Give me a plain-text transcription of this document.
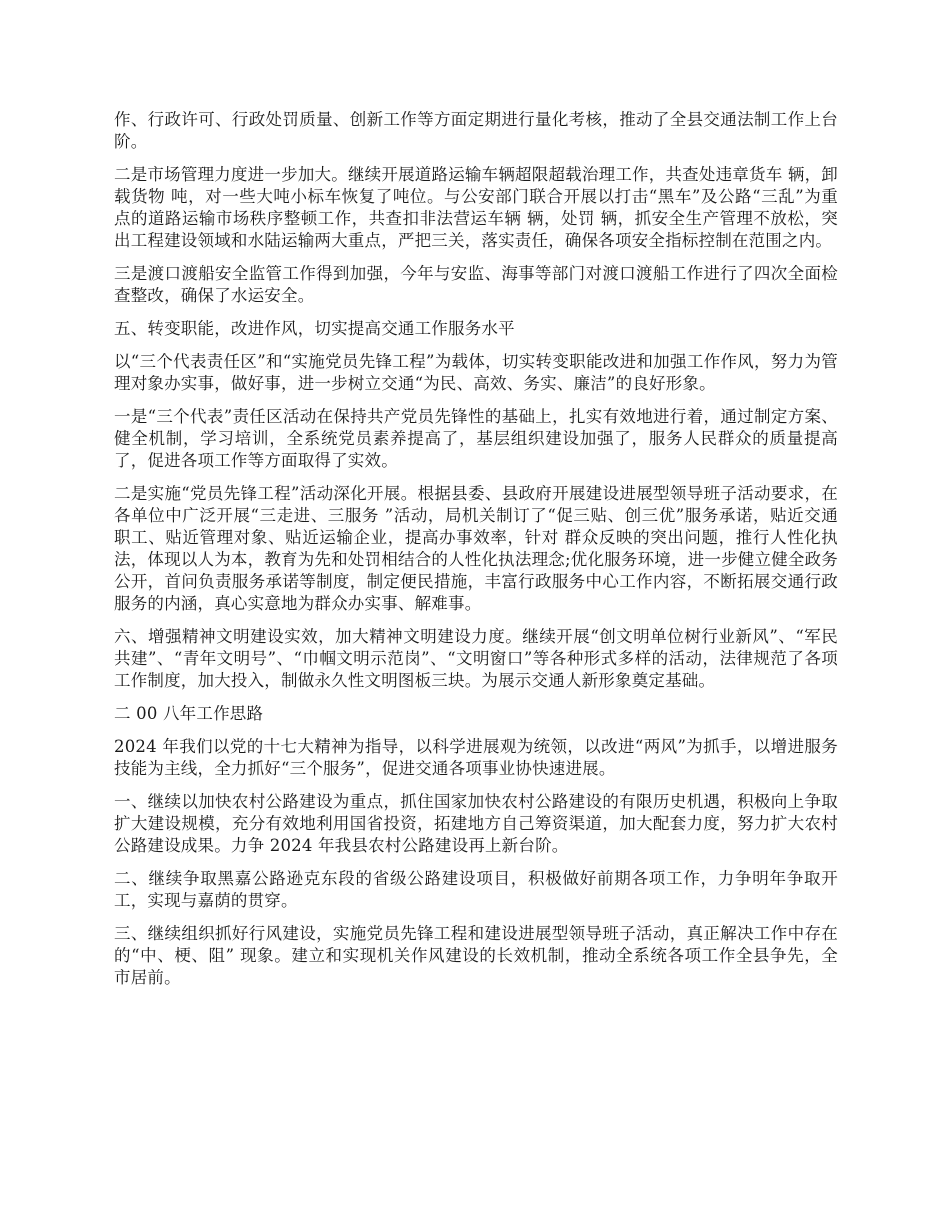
作、行政许可、行政处罚质量、创新工作等方面定期进行量化考核，推动了全县交通法制工作上台阶。

二是市场管理力度进一步加大。继续开展道路运输车辆超限超载治理工作，共查处违章货车 辆，卸载货物 吨，对一些大吨小标车恢复了吨位。与公安部门联合开展以打击“黑车”及公路“三乱”为重点的道路运输市场秩序整顿工作，共查扣非法营运车辆 辆，处罚 辆，抓安全生产管理不放松，突出工程建设领域和水陆运输两大重点，严把三关，落实责任，确保各项安全指标控制在范围之内。

三是渡口渡船安全监管工作得到加强，今年与安监、海事等部门对渡口渡船工作进行了四次全面检查整改，确保了水运安全。

五、转变职能，改进作风，切实提高交通工作服务水平

以“三个代表责任区”和“实施党员先锋工程”为载体，切实转变职能改进和加强工作作风，努力为管理对象办实事，做好事，进一步树立交通“为民、高效、务实、廉洁”的良好形象。

一是“三个代表”责任区活动在保持共产党员先锋性的基础上，扎实有效地进行着，通过制定方案、健全机制，学习培训，全系统党员素养提高了，基层组织建设加强了，服务人民群众的质量提高了，促进各项工作等方面取得了实效。

二是实施“党员先锋工程”活动深化开展。根据县委、县政府开展建设进展型领导班子活动要求，在各单位中广泛开展“三走进、三服务 ”活动，局机关制订了“促三贴、创三优”服务承诺，贴近交通职工、贴近管理对象、贴近运输企业，提高办事效率，针对 群众反映的突出问题，推行人性化执法，体现以人为本，教育为先和处罚相结合的人性化执法理念;优化服务环境，进一步健立健全政务公开，首问负责服务承诺等制度，制定便民措施，丰富行政服务中心工作内容，不断拓展交通行政服务的内涵，真心实意地为群众办实事、解难事。

六、增强精神文明建设实效，加大精神文明建设力度。继续开展“创文明单位树行业新风”、“军民共建”、“青年文明号”、“巾帼文明示范岗”、“文明窗口”等各种形式多样的活动，法律规范了各项工作制度，加大投入，制做永久性文明图板三块。为展示交通人新形象奠定基础。

二 00 八年工作思路

2024 年我们以党的十七大精神为指导，以科学进展观为统领，以改进“两风”为抓手，以增进服务技能为主线，全力抓好“三个服务”，促进交通各项事业协快速进展。

一、继续以加快农村公路建设为重点，抓住国家加快农村公路建设的有限历史机遇，积极向上争取扩大建设规模，充分有效地利用国省投资，拓建地方自己筹资渠道，加大配套力度，努力扩大农村公路建设成果。力争 2024 年我县农村公路建设再上新台阶。

二、继续争取黑嘉公路逊克东段的省级公路建设项目，积极做好前期各项工作，力争明年争取开工，实现与嘉荫的贯穿。

三、继续组织抓好行风建设，实施党员先锋工程和建设进展型领导班子活动，真正解决工作中存在的“中、梗、阻” 现象。建立和实现机关作风建设的长效机制，推动全系统各项工作全县争先，全市居前。
